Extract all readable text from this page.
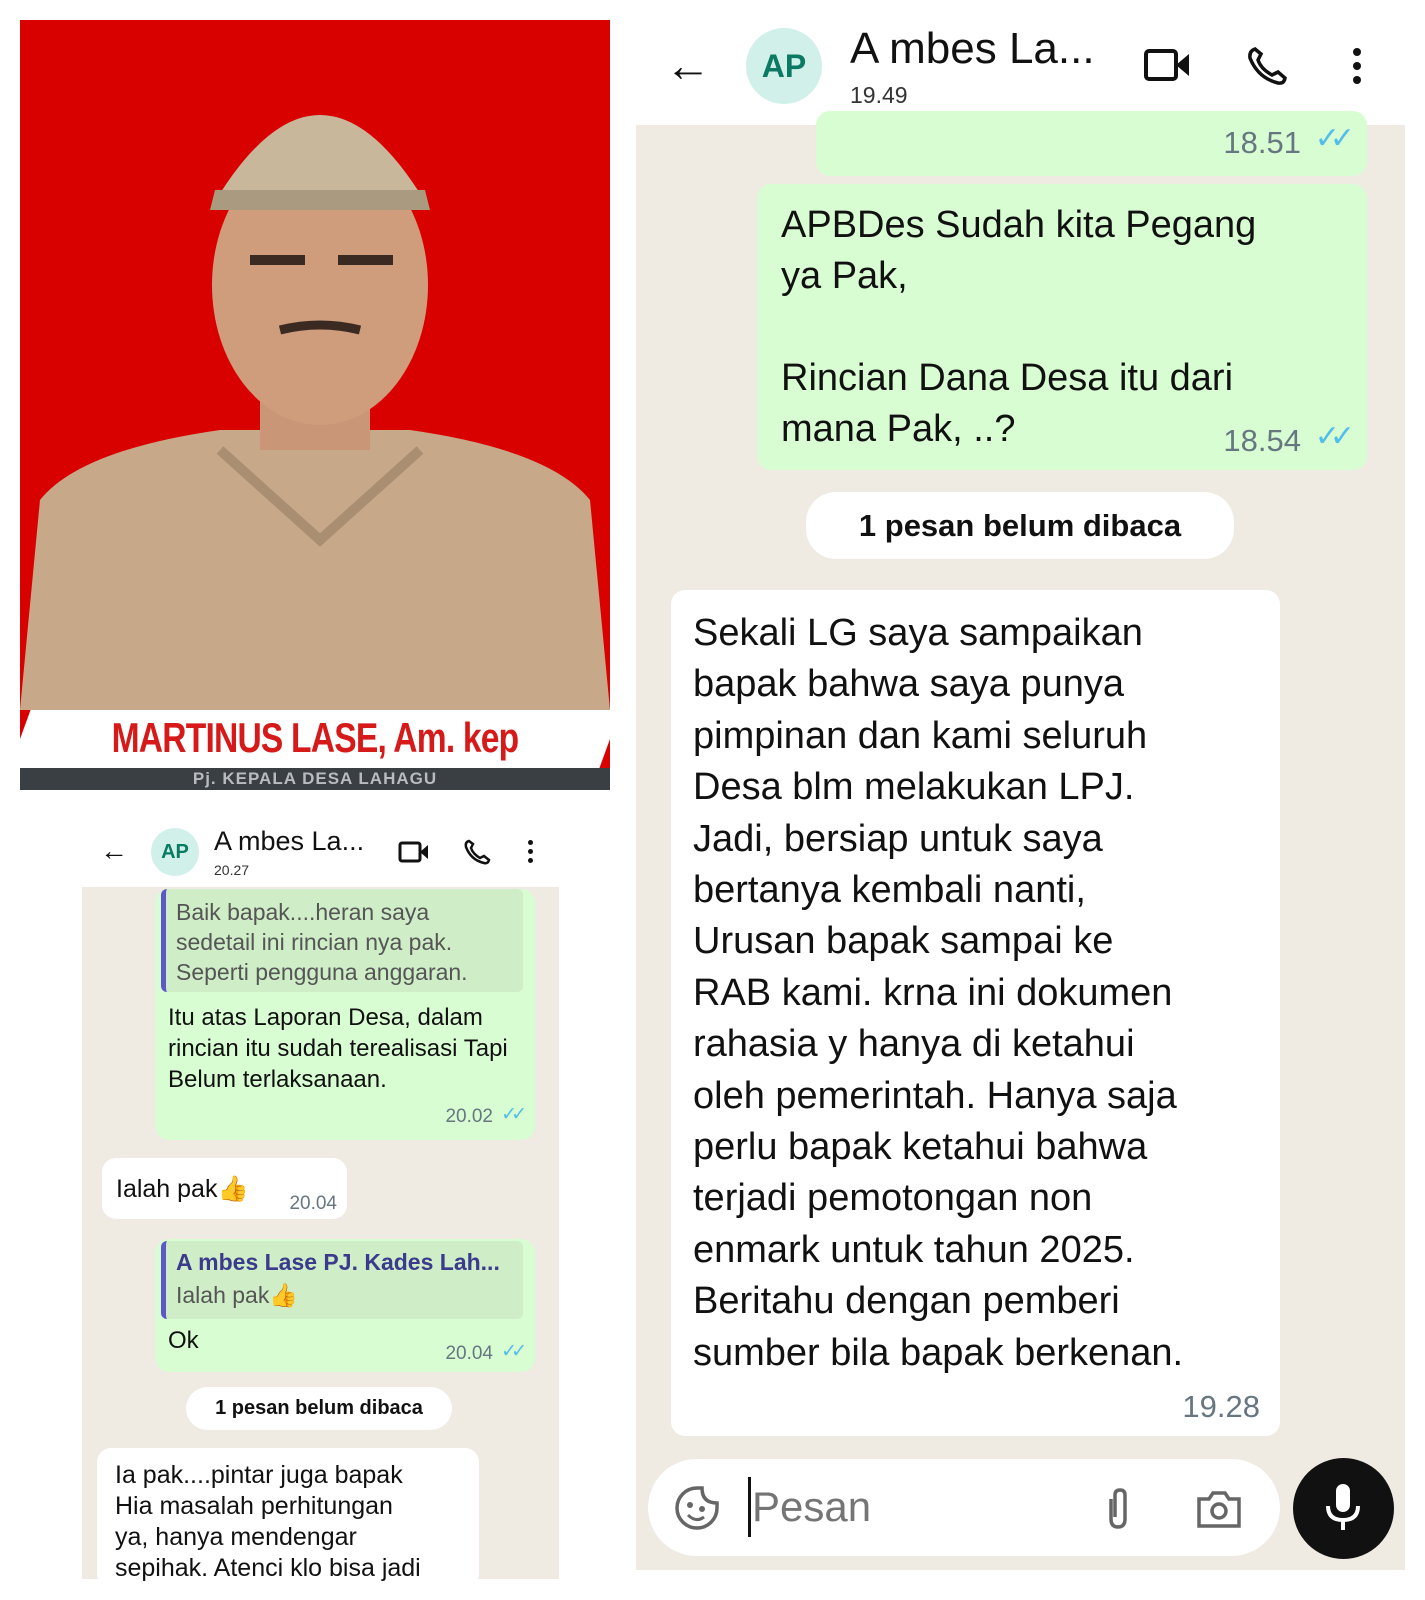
MARTINUS LASE, Am. kep
Pj. KEPALA DESA LAHAGU
←	AP A mbes La...
20.27
Baik bapak....heran saya sedetail ini rincian nya pak. Seperti pengguna anggaran.
Itu atas Laporan Desa, dalam rincian itu sudah terealisasi Tapi Belum terlaksanaan.
20.02 ✓✓
Ialah pak👍
20.04
A mbes Lase PJ. Kades Lah...
Ialah pak👍
Ok	20.04 ✓✓
1 pesan belum dibaca
Ia pak....pintar juga bapak
Hia masalah perhitungan
ya, hanya mendengar
sepihak. Atenci klo bisa jadi
←	AP A mbes La...
19.49
18.51 ✓✓
APBDes Sudah kita Pegang
ya Pak,
Rincian Dana Desa itu dari
mana Pak, ..?	18.54 ✓✓
1 pesan belum dibaca
Sekali LG saya sampaikan
bapak bahwa saya punya
pimpinan dan kami seluruh
Desa blm melakukan LPJ.
Jadi, bersiap untuk saya
bertanya kembali nanti,
Urusan bapak sampai ke
RAB kami. krna ini dokumen
rahasia y hanya di ketahui
oleh pemerintah. Hanya saja
perlu bapak ketahui bahwa
terjadi pemotongan non
enmark untuk tahun 2025.
Beritahu dengan pemberi
sumber bila bapak berkenan.
19.28
Pesan
